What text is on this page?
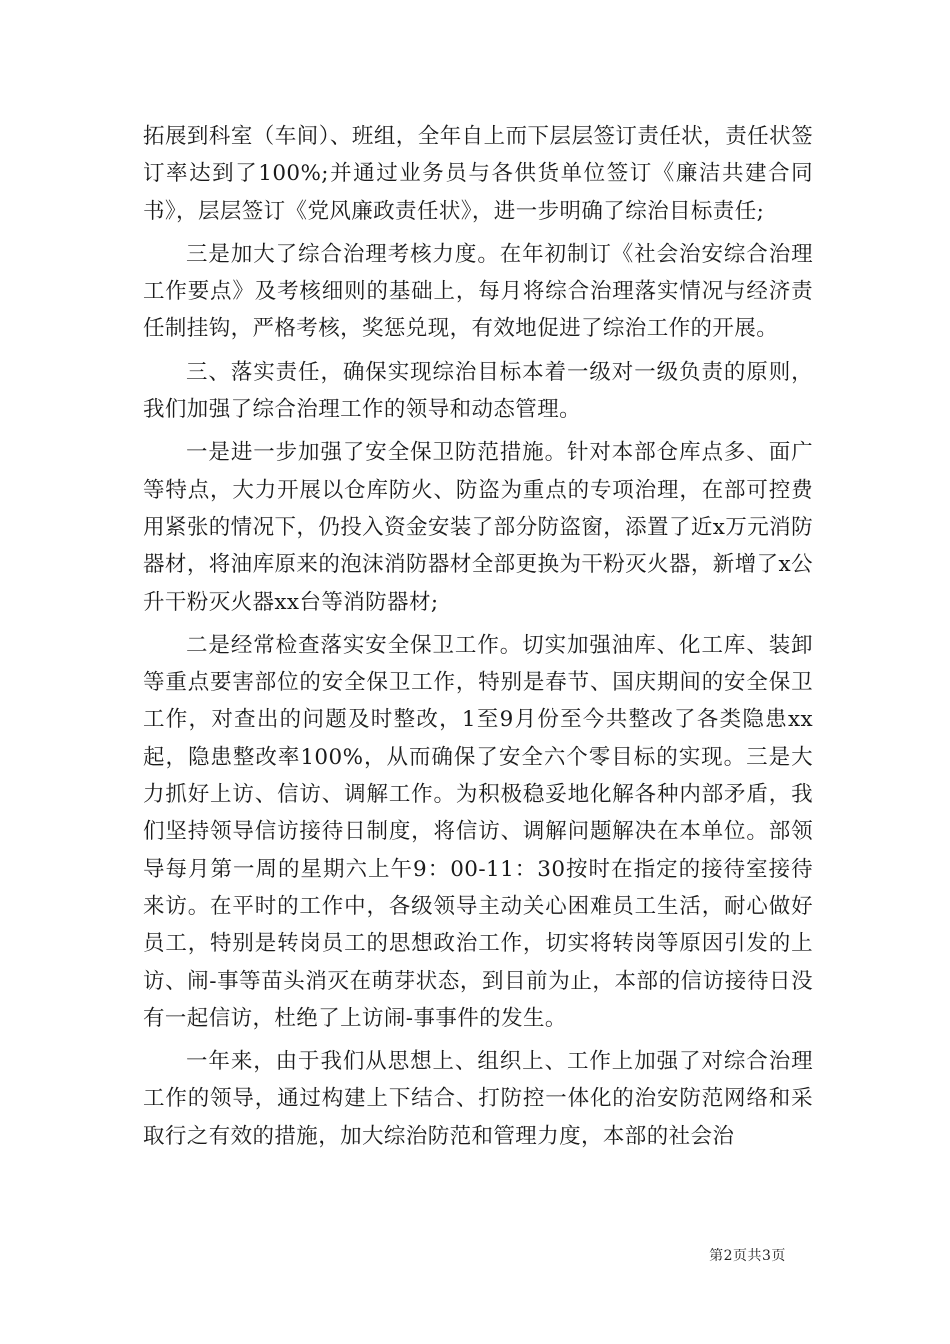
拓展到科室（车间）、班组，全年自上而下层层签订责任状，责任状签订率达到了100%;并通过业务员与各供货单位签订《廉洁共建合同书》，层层签订《党风廉政责任状》，进一步明确了综治目标责任;

三是加大了综合治理考核力度。在年初制订《社会治安综合治理工作要点》及考核细则的基础上，每月将综合治理落实情况与经济责任制挂钩，严格考核，奖惩兑现，有效地促进了综治工作的开展。

三、落实责任，确保实现综治目标本着一级对一级负责的原则，我们加强了综合治理工作的领导和动态管理。

一是进一步加强了安全保卫防范措施。针对本部仓库点多、面广等特点，大力开展以仓库防火、防盗为重点的专项治理，在部可控费用紧张的情况下，仍投入资金安装了部分防盗窗，添置了近x万元消防器材，将油库原来的泡沫消防器材全部更换为干粉灭火器，新增了x公升干粉灭火器xx台等消防器材;

二是经常检查落实安全保卫工作。切实加强油库、化工库、装卸等重点要害部位的安全保卫工作，特别是春节、国庆期间的安全保卫工作，对查出的问题及时整改，1至9月份至今共整改了各类隐患xx起，隐患整改率100%，从而确保了安全六个零目标的实现。三是大力抓好上访、信访、调解工作。为积极稳妥地化解各种内部矛盾，我们坚持领导信访接待日制度，将信访、调解问题解决在本单位。部领导每月第一周的星期六上午9：00-11：30按时在指定的接待室接待来访。在平时的工作中，各级领导主动关心困难员工生活，耐心做好员工，特别是转岗员工的思想政治工作，切实将转岗等原因引发的上访、闹-事等苗头消灭在萌芽状态，到目前为止，本部的信访接待日没有一起信访，杜绝了上访闹-事事件的发生。

一年来，由于我们从思想上、组织上、工作上加强了对综合治理工作的领导，通过构建上下结合、打防控一体化的治安防范网络和采取行之有效的措施，加大综治防范和管理力度，本部的社会治

第2页共3页
